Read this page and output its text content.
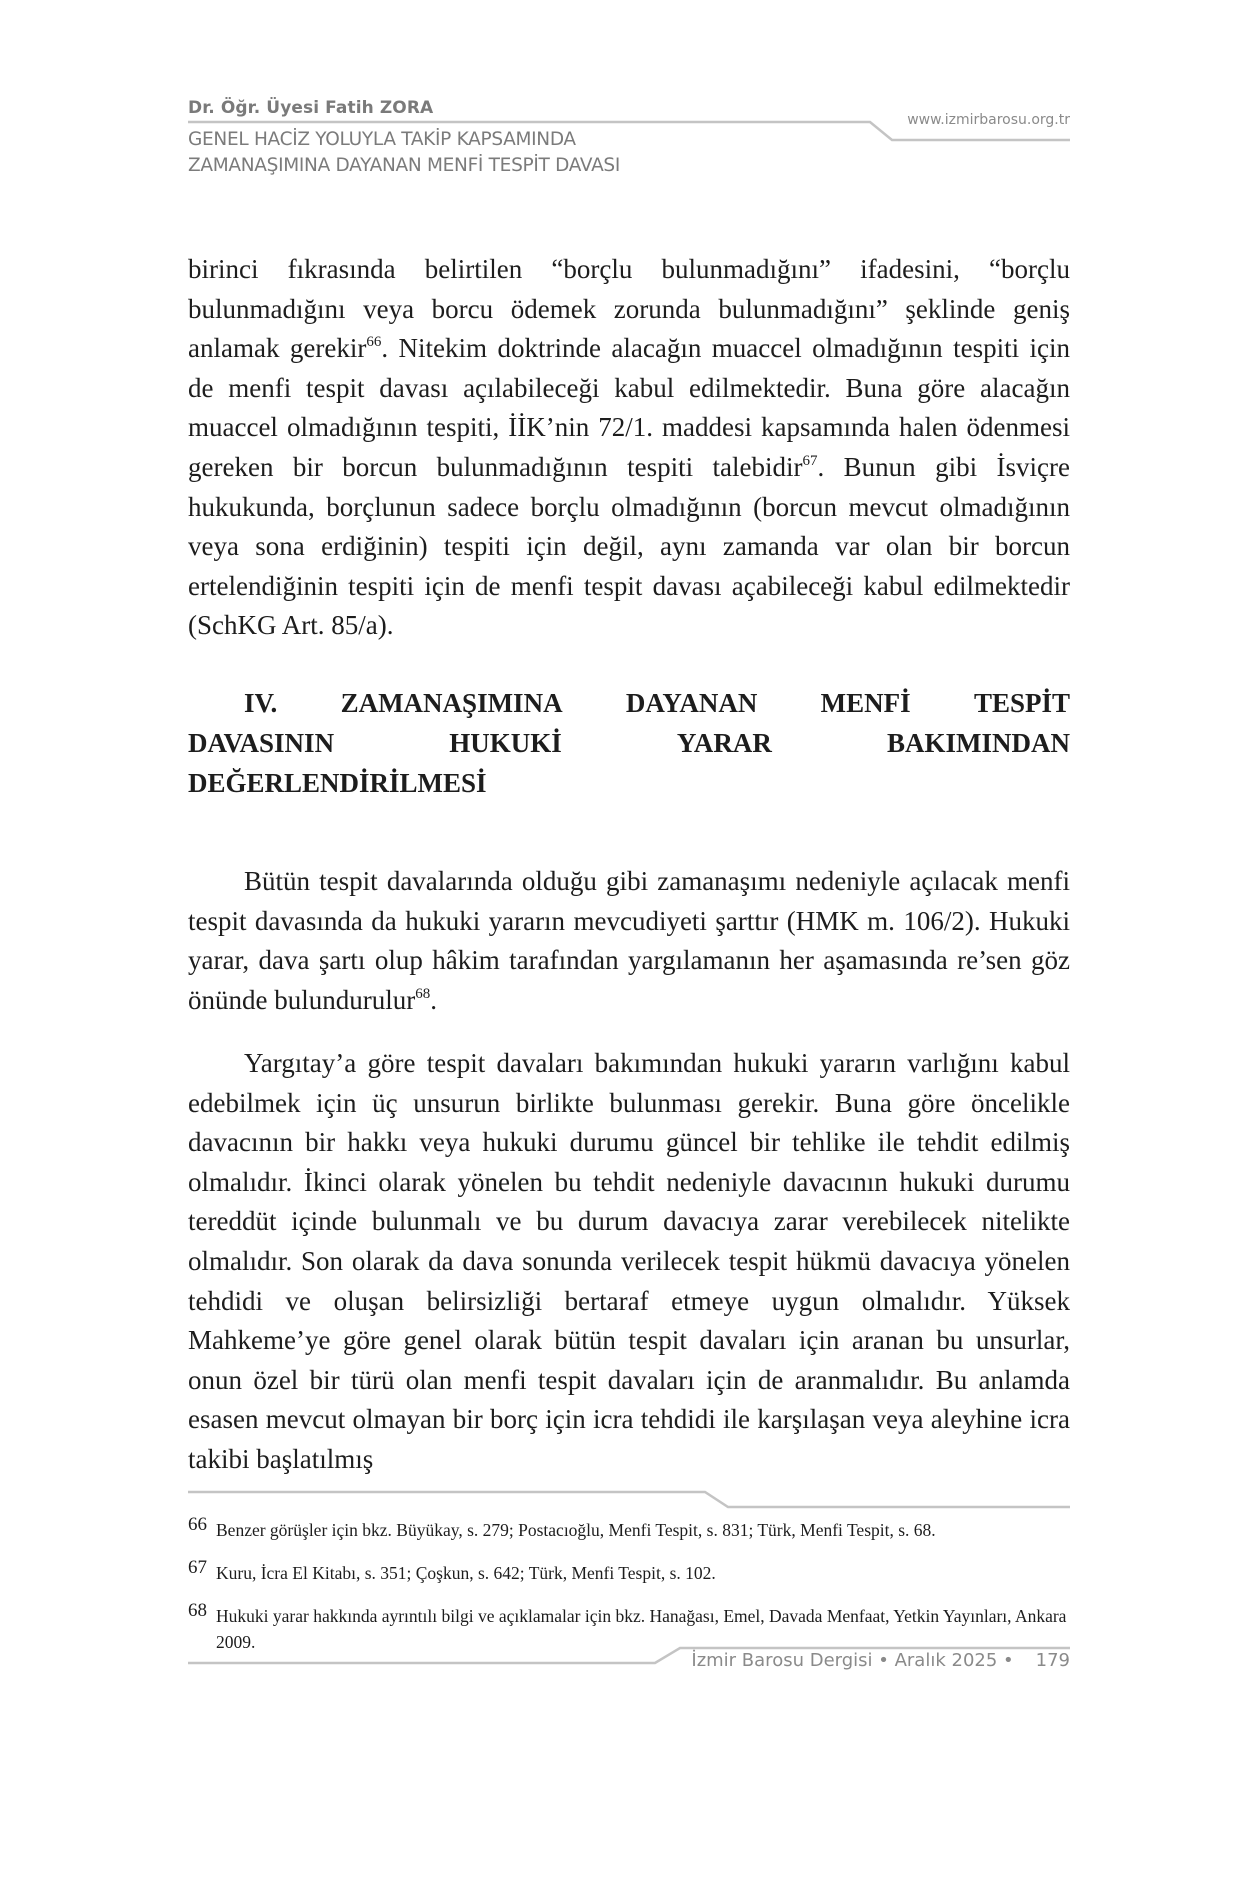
Dr. Öğr. Üyesi Fatih ZORA
GENEL HACİZ YOLUYLA TAKİP KAPSAMINDA
ZAMANAŞIMINA DAYANAN MENFİ TESPİT DAVASI
www.izmirbarosu.org.tr

birinci fıkrasında belirtilen “borçlu bulunmadığını” ifadesini, “borçlu bulunmadığını veya borcu ödemek zorunda bulunmadığını” şeklinde geniş anlamak gerekir$^{66}$. Nitekim doktrinde alacağın muaccel olmadığının tespiti için de menfi tespit davası açılabileceği kabul edilmektedir. Buna göre alacağın muaccel olmadığının tespiti, İİK’nin 72/1. maddesi kapsamında halen ödenmesi gereken bir borcun bulunmadığının tespiti talebidir$^{67}$. Bunun gibi İsviçre hukukunda, borçlunun sadece borçlu olmadığının (borcun mevcut olmadığının veya sona erdiğinin) tespiti için değil, aynı zamanda var olan bir borcun ertelendiğinin tespiti için de menfi tespit davası açabileceği kabul edilmektedir (SchKG Art. 85/a).

IV. ZAMANAŞIMINA DAYANAN MENFİ TESPİT
DAVASININ	HUKUKİ	YARAR	BAKIMINDAN
DEĞERLENDİRİLMESİ

Bütün tespit davalarında olduğu gibi zamanaşımı nedeniyle açılacak menfi tespit davasında da hukuki yararın mevcudiyeti şarttır (HMK m. 106/2). Hukuki yarar, dava şartı olup hâkim tarafından yargılamanın her aşamasında re’sen göz önünde bulundurulur$^{68}$.

Yargıtay’a göre tespit davaları bakımından hukuki yararın varlığını kabul edebilmek için üç unsurun birlikte bulunması gerekir. Buna göre öncelikle davacının bir hakkı veya hukuki durumu güncel bir tehlike ile tehdit edilmiş olmalıdır. İkinci olarak yönelen bu tehdit nedeniyle davacının hukuki durumu tereddüt içinde bulunmalı ve bu durum davacıya zarar verebilecek nitelikte olmalıdır. Son olarak da dava sonunda verilecek tespit hükmü davacıya yönelen tehdidi ve oluşan belirsizliği bertaraf etmeye uygun olmalıdır. Yüksek Mahkeme’ye göre genel olarak bütün tespit davaları için aranan bu unsurlar, onun özel bir türü olan menfi tespit davaları için de aranmalıdır. Bu anlamda esasen mevcut olmayan bir borç için icra tehdidi ile karşılaşan veya aleyhine icra takibi başlatılmış

66 Benzer görüşler için bkz. Büyükay, s. 279; Postacıoğlu, Menfi Tespit, s. 831; Türk, Menfi Tespit, s. 68.

67 Kuru, İcra El Kitabı, s. 351; Çoşkun, s. 642; Türk, Menfi Tespit, s. 102.

68 Hukuki yarar hakkında ayrıntılı bilgi ve açıklamalar için bkz. Hanağası, Emel, Davada Menfaat, Yetkin Yayınları, Ankara 2009.

İzmir Barosu Dergisi • Aralık 2025 • 179
